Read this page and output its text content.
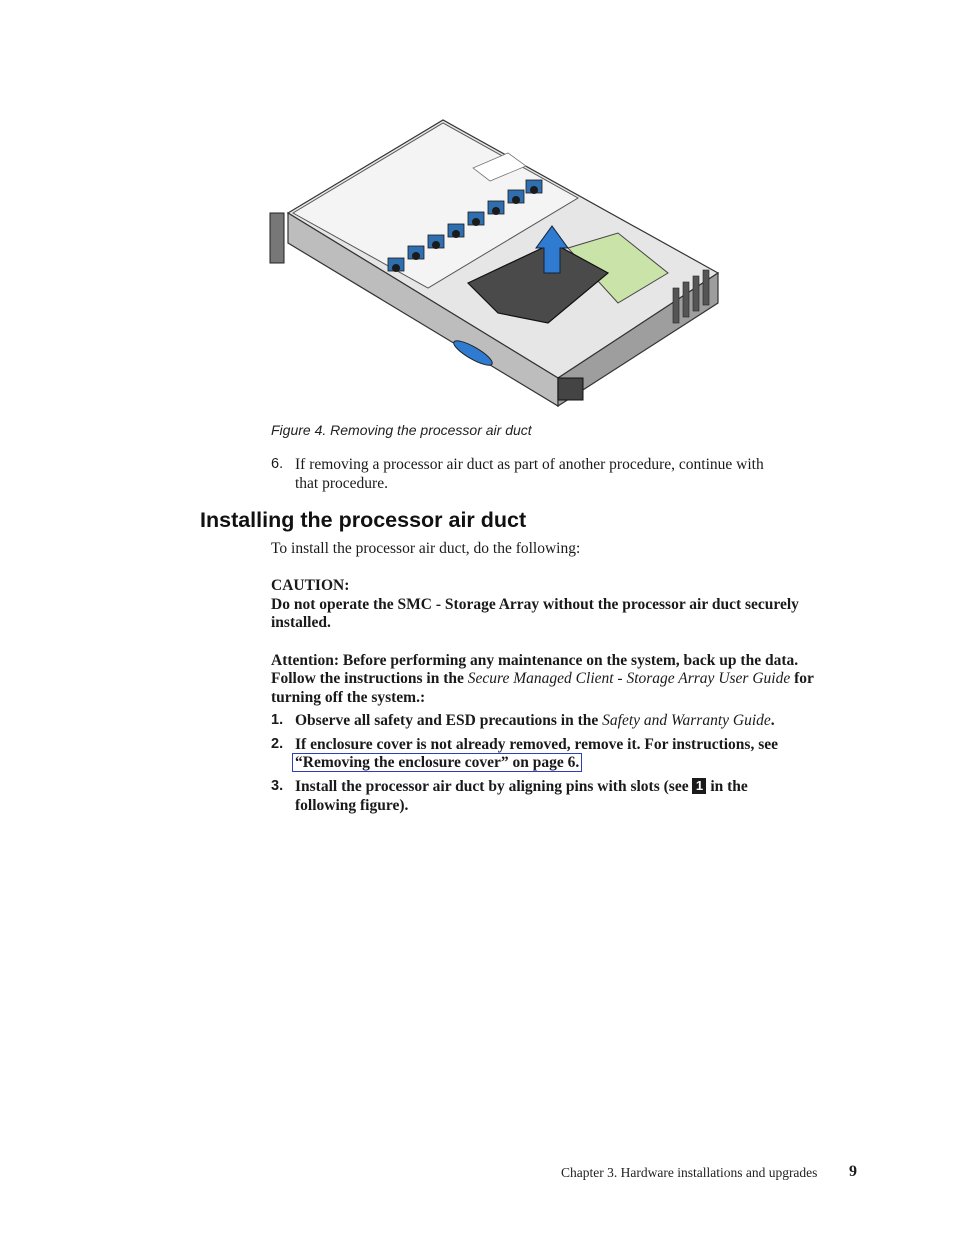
Figure 4. Removing the processor air duct
6. If removing a processor air duct as part of another procedure, continue with
that procedure.
Installing the processor air duct
To install the processor air duct, do the following:
CAUTION:
Do not operate the SMC - Storage Array without the processor air duct securely
installed.
Attention: Before performing any maintenance on the system, back up the data.
Follow the instructions in the Secure Managed Client - Storage Array User Guide for
turning off the system.:
1. Observe all safety and ESD precautions in the Safety and Warranty Guide.
2. If enclosure cover is not already removed, remove it. For instructions, see
“Removing the enclosure cover” on page 6.
3. Install the processor air duct by aligning pins with slots (see 1 in the
following figure).
Chapter 3. Hardware installations and upgrades 9
